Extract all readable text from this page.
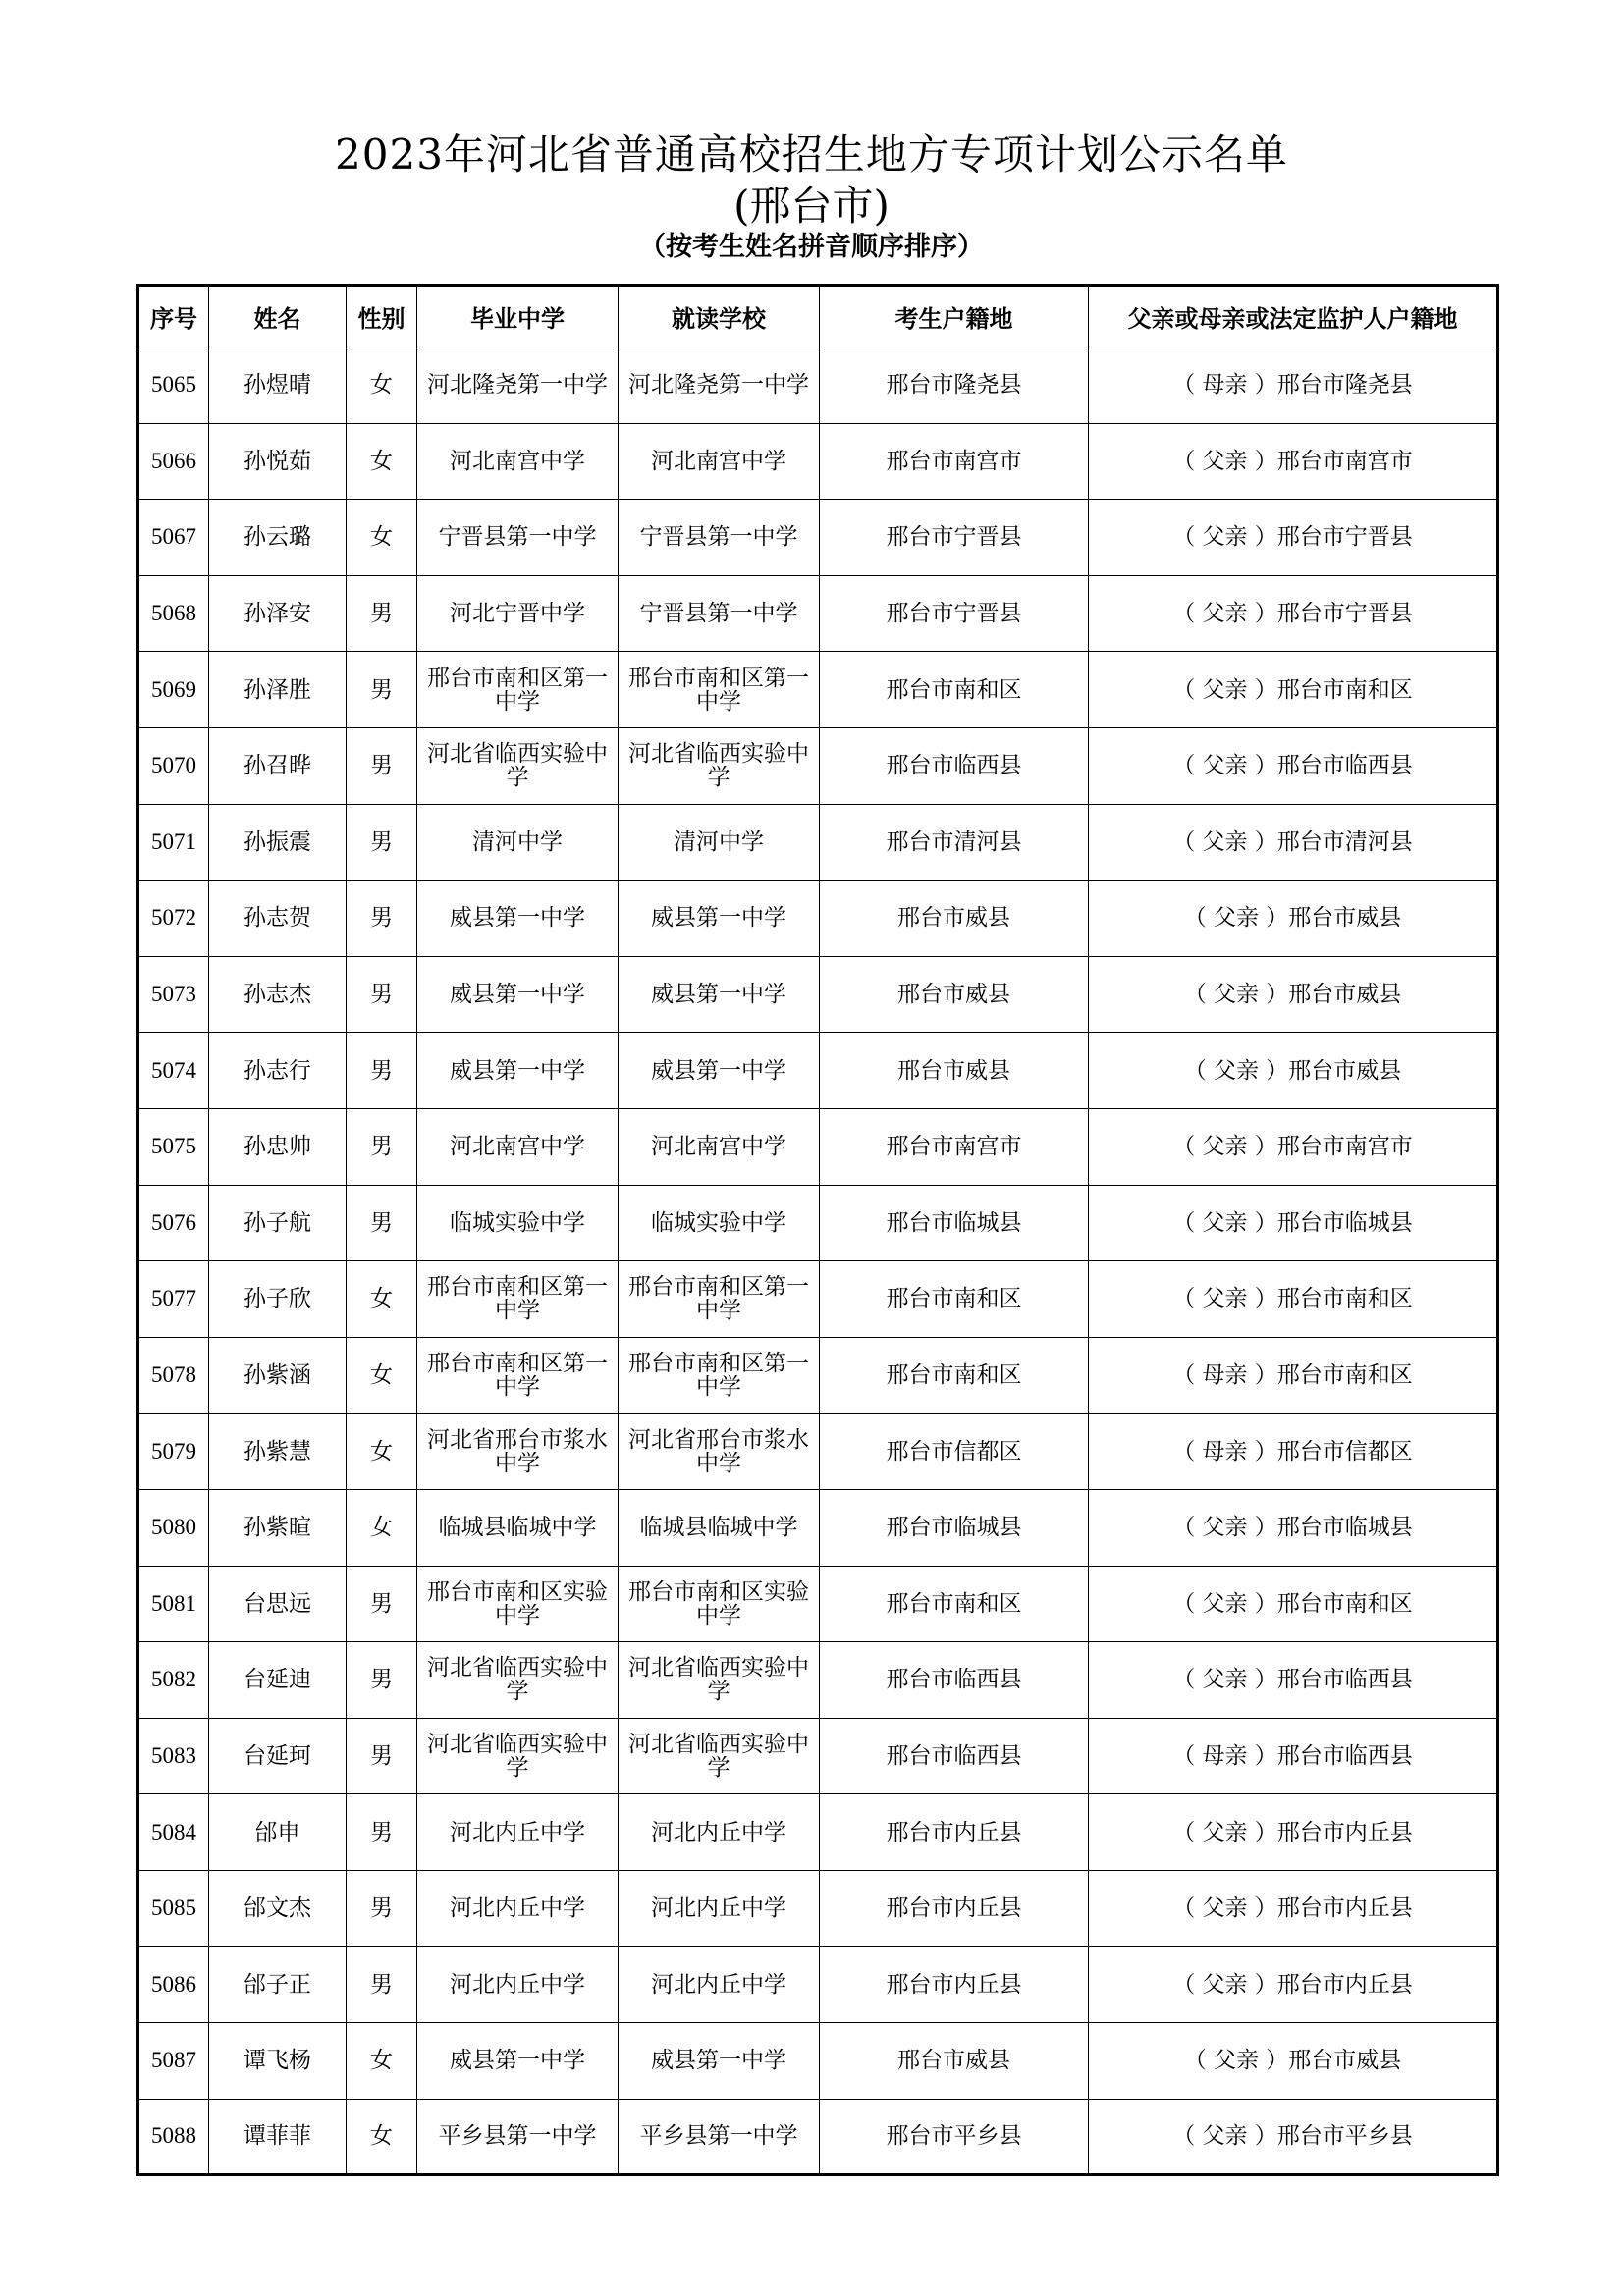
2023年河北省普通高校招生地方专项计划公示名单
(邢台市)
（按考生姓名拼音顺序排序）
序号	姓名	性别	毕业中学	就读学校	考生户籍地	父亲或母亲或法定监护人户籍地
5065	孙煜晴	女	河北隆尧第一中学	河北隆尧第一中学	邢台市隆尧县	（ 母亲 ）邢台市隆尧县
5066	孙悦茹	女	河北南宫中学	河北南宫中学	邢台市南宫市	（ 父亲 ）邢台市南宫市
5067	孙云璐	女	宁晋县第一中学	宁晋县第一中学	邢台市宁晋县	（ 父亲 ）邢台市宁晋县
5068	孙泽安	男	河北宁晋中学	宁晋县第一中学	邢台市宁晋县	（ 父亲 ）邢台市宁晋县
5069	孙泽胜	男	邢台市南和区第一中学	邢台市南和区第一中学	邢台市南和区	（ 父亲 ）邢台市南和区
5070	孙召晔	男	河北省临西实验中学	河北省临西实验中学	邢台市临西县	（ 父亲 ）邢台市临西县
5071	孙振震	男	清河中学	清河中学	邢台市清河县	（ 父亲 ）邢台市清河县
5072	孙志贺	男	威县第一中学	威县第一中学	邢台市威县	（ 父亲 ）邢台市威县
5073	孙志杰	男	威县第一中学	威县第一中学	邢台市威县	（ 父亲 ）邢台市威县
5074	孙志行	男	威县第一中学	威县第一中学	邢台市威县	（ 父亲 ）邢台市威县
5075	孙忠帅	男	河北南宫中学	河北南宫中学	邢台市南宫市	（ 父亲 ）邢台市南宫市
5076	孙子航	男	临城实验中学	临城实验中学	邢台市临城县	（ 父亲 ）邢台市临城县
5077	孙子欣	女	邢台市南和区第一中学	邢台市南和区第一中学	邢台市南和区	（ 父亲 ）邢台市南和区
5078	孙紫涵	女	邢台市南和区第一中学	邢台市南和区第一中学	邢台市南和区	（ 母亲 ）邢台市南和区
5079	孙紫慧	女	河北省邢台市浆水中学	河北省邢台市浆水中学	邢台市信都区	（ 母亲 ）邢台市信都区
5080	孙紫暄	女	临城县临城中学	临城县临城中学	邢台市临城县	（ 父亲 ）邢台市临城县
5081	台思远	男	邢台市南和区实验中学	邢台市南和区实验中学	邢台市南和区	（ 父亲 ）邢台市南和区
5082	台延迪	男	河北省临西实验中学	河北省临西实验中学	邢台市临西县	（ 父亲 ）邢台市临西县
5083	台延珂	男	河北省临西实验中学	河北省临西实验中学	邢台市临西县	（ 母亲 ）邢台市临西县
5084	邰申	男	河北内丘中学	河北内丘中学	邢台市内丘县	（ 父亲 ）邢台市内丘县
5085	邰文杰	男	河北内丘中学	河北内丘中学	邢台市内丘县	（ 父亲 ）邢台市内丘县
5086	邰子正	男	河北内丘中学	河北内丘中学	邢台市内丘县	（ 父亲 ）邢台市内丘县
5087	谭飞杨	女	威县第一中学	威县第一中学	邢台市威县	（ 父亲 ）邢台市威县
5088	谭菲菲	女	平乡县第一中学	平乡县第一中学	邢台市平乡县	（ 父亲 ）邢台市平乡县
